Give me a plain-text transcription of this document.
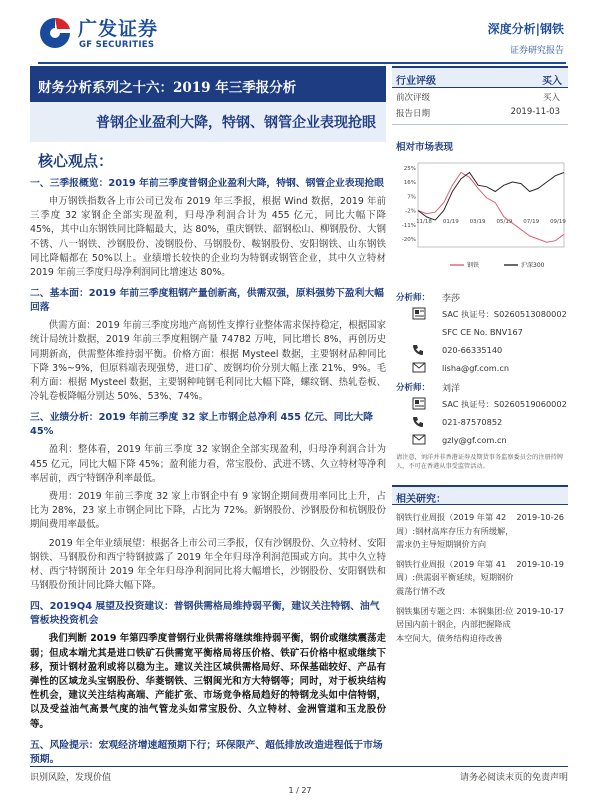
广发证券
GF SECURITIES
深度分析|钢铁
证券研究报告
财务分析系列之十六：2019 年三季报分析
普钢企业盈利大降，特钢、钢管企业表现抢眼
核心观点：
一、三季报概览：2019 年前三季度普钢企业盈利大降，特钢、钢管企业表现抢眼
申万钢铁指数各上市公司已发布 2019 年三季报，根据 Wind 数据，2019 年前三季度 32 家钢企全部实现盈利，归母净利润合计为 455 亿元，同比大幅下降 45%，其中山东钢铁同比降幅最大，达 80%，重庆钢铁、韶钢松山、柳钢股份、大钢不锈、八一钢铁、沙钢股份、凌钢股份、马钢股份、鞍钢股份、安阳钢铁、山东钢铁同比降幅都在 50%以上。业绩增长较快的企业均为特钢或钢管企业，其中久立特材 2019 年前三季度归母净利润同比增速达 80%。
二、基本面：2019 年前三季度粗钢产量创新高，供需双强，原料强势下盈利大幅回落
供需方面：2019 年前三季度房地产高韧性支撑行业整体需求保持稳定，根据国家统计局统计数据，2019 年前三季度粗钢产量 74782 万吨，同比增长 8%，再创历史同期新高，供需整体维持弱平衡。价格方面：根据 Mysteel 数据，主要钢材品种同比下降 3%~9%，但原料端表现强势，进口矿、废钢均价分别大幅上涨 21%、9%。毛利方面：根据 Mysteel 数据，主要钢种吨钢毛利同比大幅下降，螺纹钢、热轧卷板、冷轧卷板降幅分别达 50%、53%、74%。
三、业绩分析：2019 年前三季度 32 家上市钢企总净利 455 亿元、同比大降 45%
盈利：整体看，2019 年前三季度 32 家钢企全部实现盈利，归母净利润合计为 455 亿元，同比大幅下降 45%；盈利能力看，常宝股份、武进不锈、久立特材等净利率居前，西宁特钢净利率最低。
费用：2019 年前三季度 32 家上市钢企中有 9 家钢企期间费用率同比上升，占比为 28%，23 家上市钢企同比下降，占比为 72%。新钢股份、沙钢股份和杭钢股份期间费用率最低。
2019 年全年业绩展望：根据各上市公司三季报，仅有沙钢股份、久立特材、安阳钢铁、马钢股份和西宁特钢披露了 2019 年全年归母净利润范围或方向。其中久立特材、西宁特钢预计 2019 年全年归母净利润同比将大幅增长，沙钢股份、安阳钢铁和马钢股份预计同比降大幅下降。
四、2019Q4 展望及投资建议：普钢供需格局维持弱平衡，建议关注特钢、油气管板块投资机会
我们判断 2019 年第四季度普钢行业供需将继续维持弱平衡，钢价或继续震荡走弱；但成本端尤其是进口铁矿石供需宽平衡格局将压价格、铁矿石价格中枢或继续下移，预计钢材盈利或将以稳为主。建议关注区域供需格局好、环保基础较好、产品有弹性的区域龙头宝钢股份、华菱钢铁、三钢闽光和方大特钢等；同时，对于板块结构性机会，建议关注结构高端、产能扩张、市场竞争格局趋好的特钢龙头如中信特钢，以及受益油气高景气度的油气管龙头如常宝股份、久立特材、金洲管道和玉龙股份等。
五、风险提示：宏观经济增速超预期下行；环保限产、超低排放改造进程低于市场预期。
行业评级	买入
前次评级	买入
报告日期	2019-11-03
相对市场表现
25%
16%
7%
-2%
-11%
-20%
11/18 01/19 03/19 05/19 07/19 09/19
钢铁	沪深300
分析师： 李莎
SAC 执证号：S0260513080002
SFC CE No. BNV167
020-66335140
lisha@gf.com.cn
分析师： 刘洋
SAC 执证号：S0260519060002
021-87570852
gzly@gf.com.cn
请注意，刘洋并非香港证券及期货事务监察委员会的注册持牌人，不可在香港从事受监管活动。
相关研究：
钢铁行业周报（2019 年第 42 周）:钢材高库存压力有所缓解，需求仍主导短期钢价方向
2019-10-26
钢铁行业周报（2019 年第 41 周）:供需弱平衡延续，短期钢价震荡行情不改
2019-10-19
钢铁集团专题之四：本钢集团:位居国内前十钢企，内部把握降成本空间大，债务结构迫待改善
2019-10-17
识别风险，发现价值	请务必阅读末页的免责声明
1 / 27
